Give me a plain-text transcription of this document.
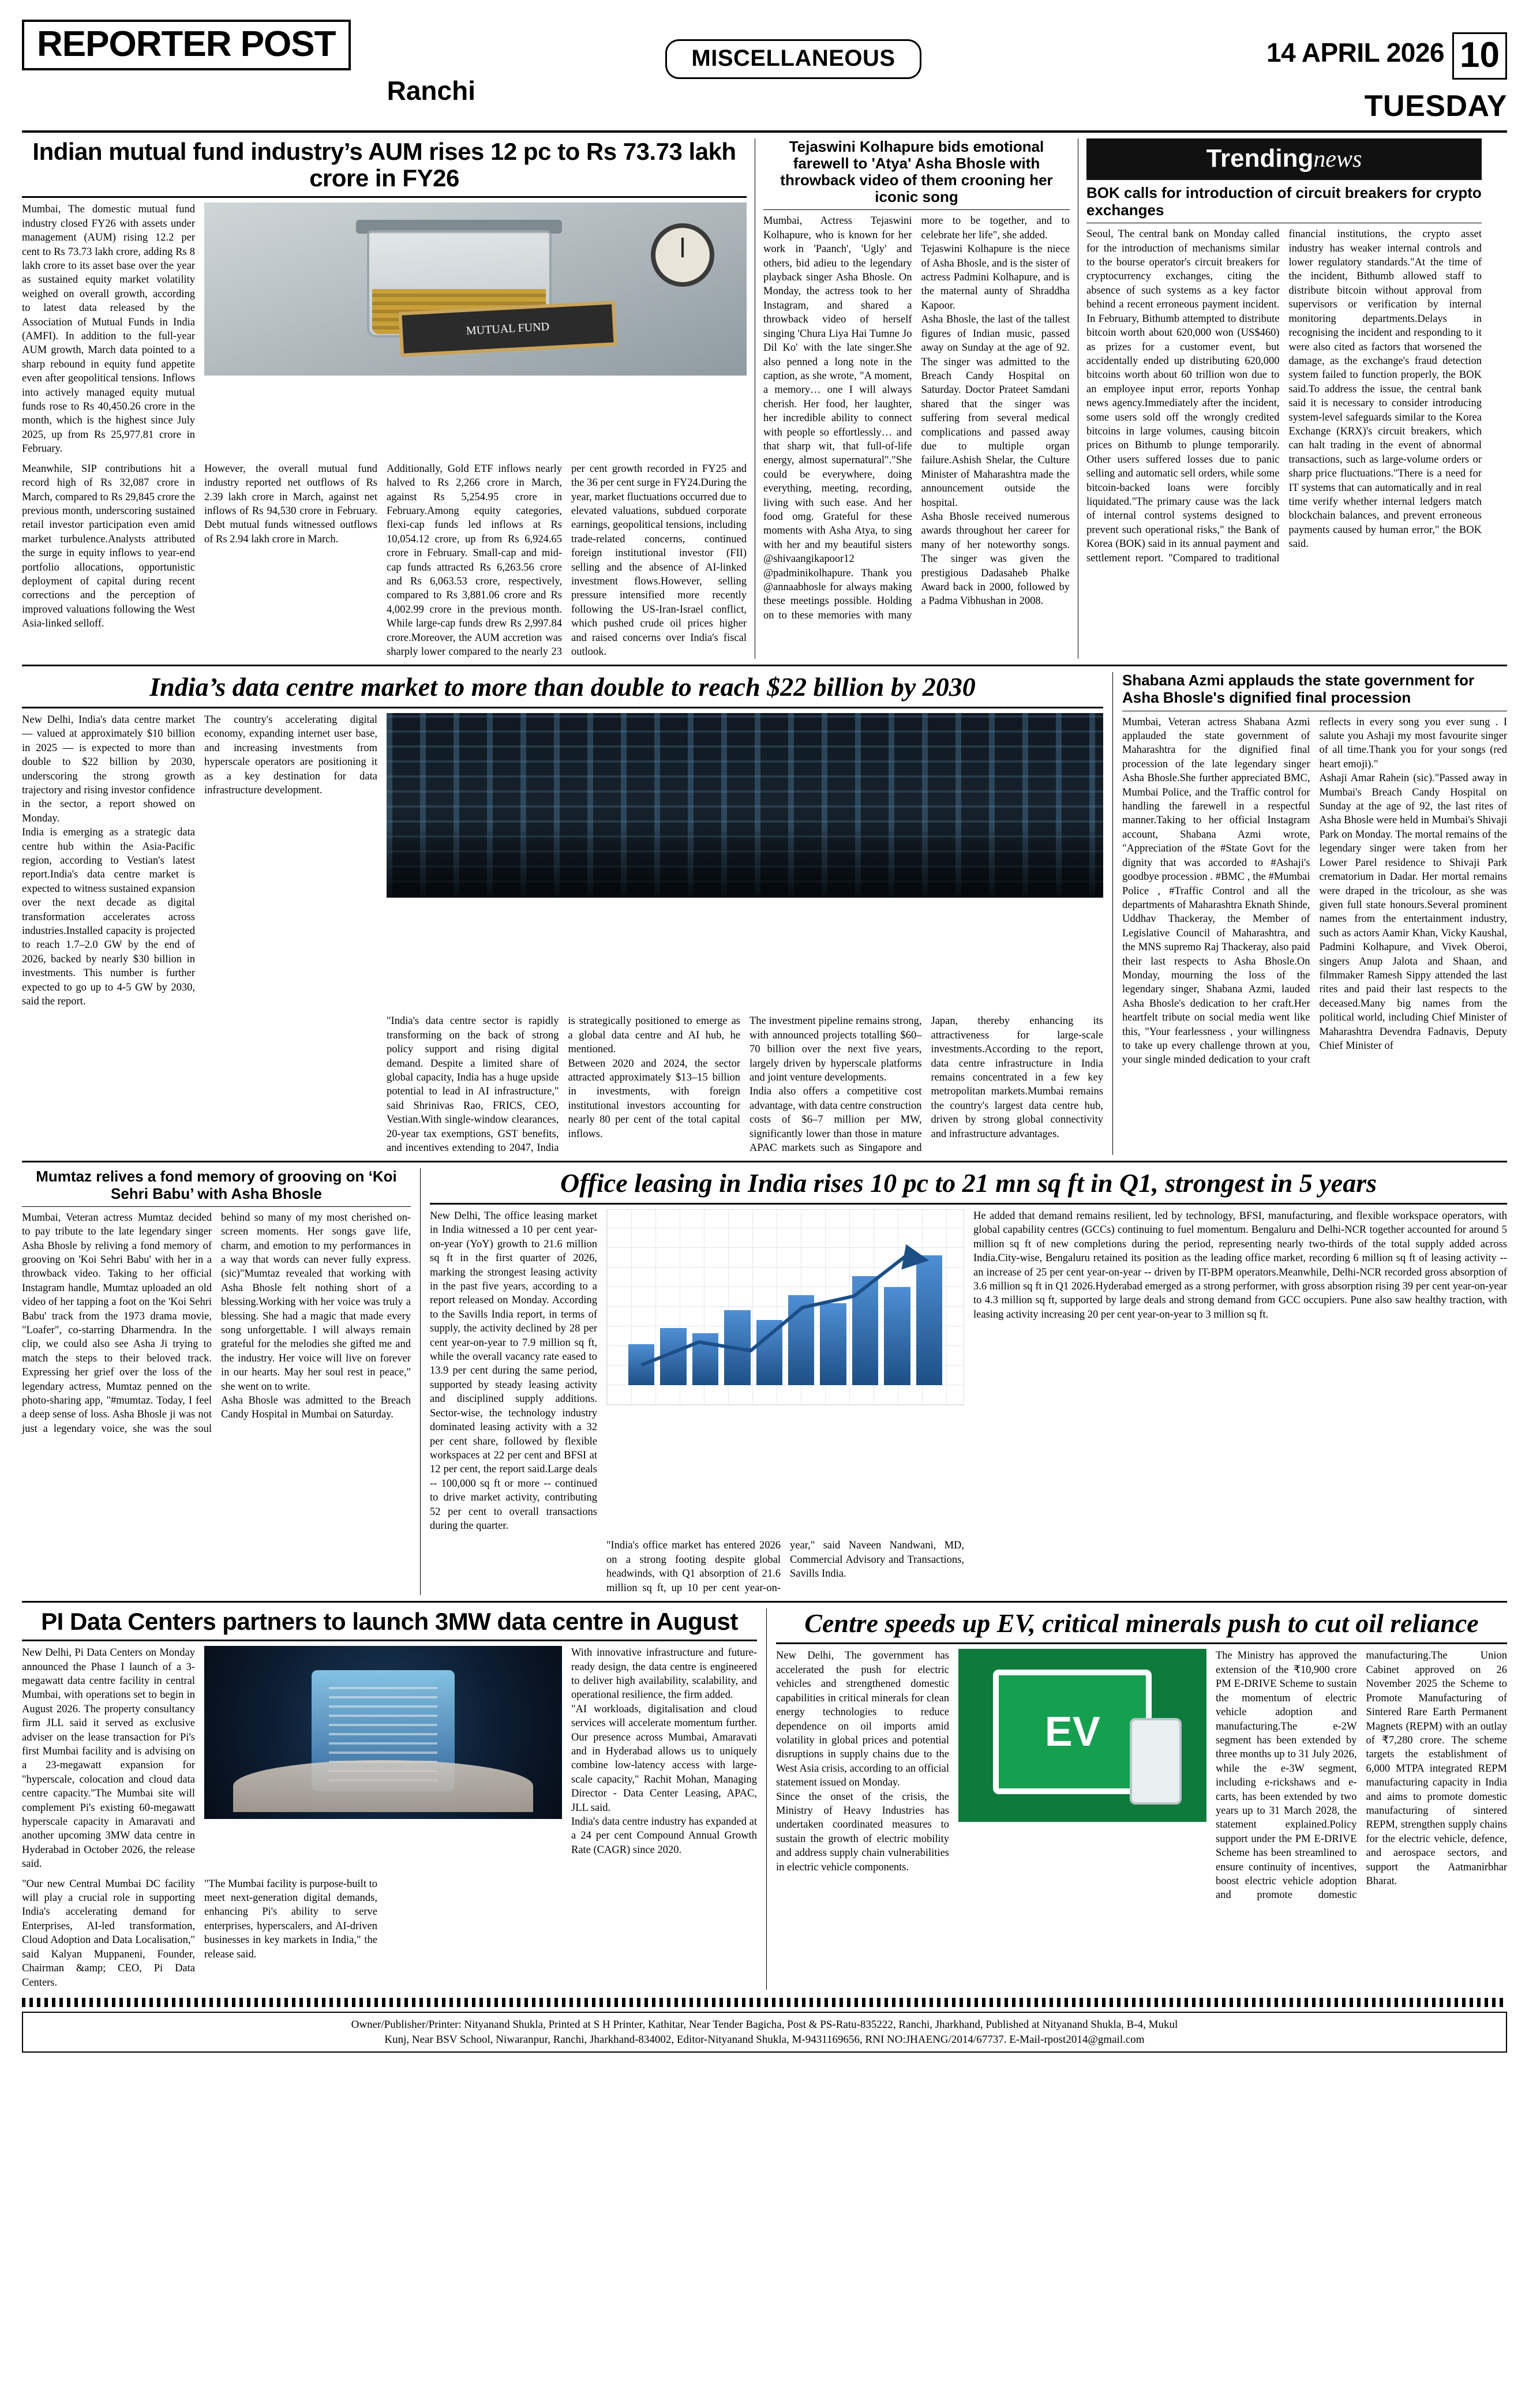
REPORTER POST
Ranchi
MISCELLANEOUS	14 APRIL 2026 10
TUESDAY
Indian mutual fund industry’s AUM rises 12 pc to Rs 73.73 lakh crore in FY26
Mumbai, The domestic mutual fund industry closed FY26 with assets under management (AUM) rising 12.2 per cent to Rs 73.73 lakh crore, adding Rs 8 lakh crore to its asset base over the year as sustained equity market volatility weighed on overall growth, according to latest data released by the Association of Mutual Funds in India (AMFI). In addition to the full-year AUM growth, March data pointed to a sharp rebound in equity fund appetite even after geopolitical tensions. Inflows into actively managed equity mutual funds rose to Rs 40,450.26 crore in the month, which is the highest since July 2025, up from Rs 25,977.81 crore in February.
MUTUAL FUND
Meanwhile, SIP contributions hit a record high of Rs 32,087 crore in March, compared to Rs 29,845 crore the previous month, underscoring sustained retail investor participation even amid market turbulence.Analysts attributed the surge in equity inflows to year-end portfolio allocations, opportunistic deployment of capital during recent corrections and the perception of improved valuations following the West Asia-linked selloff.
However, the overall mutual fund industry reported net outflows of Rs 2.39 lakh crore in March, against net inflows of Rs 94,530 crore in February. Debt mutual funds witnessed outflows of Rs 2.94 lakh crore in March.
Additionally, Gold ETF inflows nearly halved to Rs 2,266 crore in March, against Rs 5,254.95 crore in February.Among equity categories, flexi-cap funds led inflows at Rs 10,054.12 crore, up from Rs 6,924.65 crore in February. Small-cap and mid-cap funds attracted Rs 6,263.56 crore and Rs 6,063.53 crore, respectively, compared to Rs 3,881.06 crore and Rs 4,002.99 crore in the previous month. While large-cap funds drew Rs 2,997.84 crore.Moreover, the AUM accretion was sharply lower compared to the nearly 23 per cent growth recorded in FY25 and the 36 per cent surge in FY24.During the year, market fluctuations occurred due to elevated valuations, subdued corporate earnings, geopolitical tensions, including trade-related concerns, continued foreign institutional investor (FII) selling and the absence of AI-linked investment flows.However, selling pressure intensified more recently following the US-Iran-Israel conflict, which pushed crude oil prices higher and raised concerns over India's fiscal outlook.
Tejaswini Kolhapure bids emotional farewell to 'Atya' Asha Bhosle with throwback video of them crooning her iconic song

Mumbai, Actress Tejaswini Kolhapure, who is known for her work in 'Paanch', 'Ugly' and others, bid adieu to the legendary playback singer Asha Bhosle. On Monday, the actress took to her Instagram, and shared a throwback video of herself singing 'Chura Liya Hai Tumne Jo Dil Ko' with the late singer.She also penned a long note in the caption, as she wrote, "A moment, a memory… one I will always cherish. Her food, her laughter, her incredible ability to connect with people so effortlessly… and that sharp wit, that full-of-life energy, almost supernatural"."She could be everywhere, doing everything, meeting, recording, living with such ease. And her food omg. Grateful for these moments with Asha Atya, to sing with her and my beautiful sisters @shivaangikapoor12 @padminikolhapure. Thank you @annaabhosle for always making these meetings possible. Holding on to these memories with many more to be together, and to celebrate her life", she added.

Tejaswini Kolhapure is the niece of Asha Bhosle, and is the sister of actress Padmini Kolhapure, and is the maternal aunty of Shraddha Kapoor.

Asha Bhosle, the last of the tallest figures of Indian music, passed away on Sunday at the age of 92. The singer was admitted to the Breach Candy Hospital on Saturday. Doctor Prateet Samdani shared that the singer was suffering from several medical complications and passed away due to multiple organ failure.Ashish Shelar, the Culture Minister of Maharashtra made the announcement outside the hospital.

Asha Bhosle received numerous awards throughout her career for many of her noteworthy songs. The singer was given the prestigious Dadasaheb Phalke Award back in 2000, followed by a Padma Vibhushan in 2008.

Trendingnews
BOK calls for introduction of circuit breakers for crypto exchanges
Seoul, The central bank on Monday called for the introduction of mechanisms similar to the bourse operator's circuit breakers for cryptocurrency exchanges, citing the absence of such systems as a key factor behind a recent erroneous payment incident. In February, Bithumb attempted to distribute bitcoin worth about 620,000 won (US$460) as prizes for a customer event, but accidentally ended up distributing 620,000 bitcoins worth about 60 trillion won due to an employee input error, reports Yonhap news agency.Immediately after the incident, some users sold off the wrongly credited bitcoins in large volumes, causing bitcoin prices on Bithumb to plunge temporarily. Other users suffered losses due to panic selling and automatic sell orders, while some bitcoin-backed loans were forcibly liquidated."The primary cause was the lack of internal control systems designed to prevent such operational risks," the Bank of Korea (BOK) said in its annual payment and settlement report. "Compared to traditional financial institutions, the crypto asset industry has weaker internal controls and lower regulatory standards."At the time of the incident, Bithumb allowed staff to distribute bitcoin without approval from supervisors or verification by internal monitoring departments.Delays in recognising the incident and responding to it were also cited as factors that worsened the damage, as the exchange's fraud detection system failed to function properly, the BOK said.To address the issue, the central bank said it is necessary to consider introducing system-level safeguards similar to the Korea Exchange (KRX)'s circuit breakers, which can halt trading in the event of abnormal transactions, such as large-volume orders or sharp price fluctuations."There is a need for IT systems that can automatically and in real time verify whether internal ledgers match blockchain balances, and prevent erroneous payments caused by human error," the BOK said.
India’s data centre market to more than double to reach $22 billion by 2030

New Delhi, India's data centre market — valued at approximately $10 billion in 2025 — is expected to more than double to $22 billion by 2030, underscoring the strong growth trajectory and rising investor confidence in the sector, a report showed on Monday.

India is emerging as a strategic data centre hub within the Asia-Pacific region, according to Vestian's latest report.India's data centre market is expected to witness sustained expansion over the next decade as digital transformation accelerates across industries.Installed capacity is projected to reach 1.7–2.0 GW by the end of 2026, backed by nearly $30 billion in investments. This number is further expected to go up to 4-5 GW by 2030, said the report.

The country's accelerating digital economy, expanding internet user base, and increasing investments from hyperscale operators are positioning it as a key destination for data infrastructure development.

"India's data centre sector is rapidly transforming on the back of strong policy support and rising digital demand. Despite a limited share of global capacity, India has a huge upside potential to lead in AI infrastructure," said Shrinivas Rao, FRICS, CEO, Vestian.With single-window clearances, 20-year tax exemptions, GST benefits, and incentives extending to 2047, India is strategically positioned to emerge as a global data centre and AI hub, he mentioned.

Between 2020 and 2024, the sector attracted approximately $13–15 billion in investments, with foreign institutional investors accounting for nearly 80 per cent of the total capital inflows.

The investment pipeline remains strong, with announced projects totalling $60–70 billion over the next five years, largely driven by hyperscale platforms and joint venture developments.

India also offers a competitive cost advantage, with data centre construction costs of $6–7 million per MW, significantly lower than those in mature APAC markets such as Singapore and Japan, thereby enhancing its attractiveness for large-scale investments.According to the report, data centre infrastructure in India remains concentrated in a few key metropolitan markets.Mumbai remains the country's largest data centre hub, driven by strong global connectivity and infrastructure advantages.

Shabana Azmi applauds the state government for Asha Bhosle's dignified final procession

Mumbai, Veteran actress Shabana Azmi applauded the state government of Maharashtra for the dignified final procession of the late legendary singer Asha Bhosle.She further appreciated BMC, Mumbai Police, and the Traffic control for handling the farewell in a respectful manner.Taking to her official Instagram account, Shabana Azmi wrote, "Appreciation of the #State Govt for the dignity that was accorded to #Ashaji's goodbye procession . #BMC , the #Mumbai Police , #Traffic Control and all the departments of Maharashtra Eknath Shinde, Uddhav Thackeray, the Member of Legislative Council of Maharashtra, and the MNS supremo Raj Thackeray, also paid their last respects to Asha Bhosle.On Monday, mourning the loss of the legendary singer, Shabana Azmi, lauded Asha Bhosle's dedication to her craft.Her heartfelt tribute on social media went like this, "Your fearlessness , your willingness to take up every challenge thrown at you, your single minded dedication to your craft reflects in every song you ever sung . I salute you Ashaji my most favourite singer of all time.Thank you for your songs (red heart emoji)."

Ashaji Amar Rahein (sic)."Passed away in Mumbai's Breach Candy Hospital on Sunday at the age of 92, the last rites of Asha Bhosle were held in Mumbai's Shivaji Park on Monday. The mortal remains of the legendary singer were taken from her Lower Parel residence to Shivaji Park crematorium in Dadar. Her mortal remains were draped in the tricolour, as she was given full state honours.Several prominent names from the entertainment industry, such as actors Aamir Khan, Vicky Kaushal, Padmini Kolhapure, and Vivek Oberoi, singers Anup Jalota and Shaan, and filmmaker Ramesh Sippy attended the last rites and paid their last respects to the deceased.Many big names from the political world, including Chief Minister of Maharashtra Devendra Fadnavis, Deputy Chief Minister of

Mumtaz relives a fond memory of grooving on ‘Koi Sehri Babu’ with Asha Bhosle

Mumbai, Veteran actress Mumtaz decided to pay tribute to the late legendary singer Asha Bhosle by reliving a fond memory of grooving on 'Koi Sehri Babu' with her in a throwback video. Taking to her official Instagram handle, Mumtaz uploaded an old video of her tapping a foot on the 'Koi Sehri Babu' track from the 1973 drama movie, "Loafer", co-starring Dharmendra. In the clip, we could also see Asha Ji trying to match the steps to their beloved track. Expressing her grief over the loss of the legendary actress, Mumtaz penned on the photo-sharing app, "#mumtaz. Today, I feel a deep sense of loss. Asha Bhosle ji was not just a legendary voice, she was the soul behind so many of my most cherished on-screen moments. Her songs gave life, charm, and emotion to my performances in a way that words can never fully express. (sic)"Mumtaz revealed that working with Asha Bhosle felt nothing short of a blessing.Working with her voice was truly a blessing. She had a magic that made every song unforgettable. I will always remain grateful for the melodies she gifted me and the industry. Her voice will live on forever in our hearts. May her soul rest in peace," she went on to write.

Asha Bhosle was admitted to the Breach Candy Hospital in Mumbai on Saturday.

Office leasing in India rises 10 pc to 21 mn sq ft in Q1, strongest in 5 years
New Delhi, The office leasing market in India witnessed a 10 per cent year-on-year (YoY) growth to 21.6 million sq ft in the first quarter of 2026, marking the strongest leasing activity in the past five years, according to a report released on Monday. According to the Savills India report, in terms of supply, the activity declined by 28 per cent year-on-year to 7.9 million sq ft, while the overall vacancy rate eased to 13.9 per cent during the same period, supported by steady leasing activity and disciplined supply additions. Sector-wise, the technology industry dominated leasing activity with a 32 per cent share, followed by flexible workspaces at 22 per cent and BFSI at 12 per cent, the report said.Large deals -- 100,000 sq ft or more -- continued to drive market activity, contributing 52 per cent to overall transactions during the quarter.

He added that demand remains resilient, led by technology, BFSI, manufacturing, and flexible workspace operators, with global capability centres (GCCs) continuing to fuel momentum. Bengaluru and Delhi-NCR together accounted for around 5 million sq ft of new completions during the period, representing nearly two-thirds of the total supply added across India.City-wise, Bengaluru retained its position as the leading office market, recording 6 million sq ft of leasing activity -- an increase of 25 per cent year-on-year -- driven by IT-BPM operators.Meanwhile, Delhi-NCR recorded gross absorption of 3.6 million sq ft in Q1 2026.Hyderabad emerged as a strong performer, with gross absorption rising 39 per cent year-on-year to 4.3 million sq ft, supported by large deals and strong demand from GCC occupiers. Pune also saw healthy traction, with leasing activity increasing 20 per cent year-on-year to 3 million sq ft.

"India's office market has entered 2026 on a strong footing despite global headwinds, with Q1 absorption of 21.6 million sq ft, up 10 per cent year-on-year," said Naveen Nandwani, MD, Commercial Advisory and Transactions, Savills India.
PI Data Centers partners to launch 3MW data centre in August
New Delhi, Pi Data Centers on Monday announced the Phase I launch of a 3-megawatt data centre facility in central Mumbai, with operations set to begin in August 2026. The property consultancy firm JLL said it served as exclusive adviser on the lease transaction for Pi's first Mumbai facility and is advising on a 23-megawatt expansion for "hyperscale, colocation and cloud data centre capacity."The Mumbai site will complement Pi's existing 60-megawatt hyperscale capacity in Amaravati and another upcoming 3MW data centre in Hyderabad in October 2026, the release said.

With innovative infrastructure and future-ready design, the data centre is engineered to deliver high availability, scalability, and operational resilience, the firm added.

"AI workloads, digitalisation and cloud services will accelerate momentum further. Our presence across Mumbai, Amaravati and in Hyderabad allows us to uniquely combine low-latency access with large-scale capacity," Rachit Mohan, Managing Director - Data Center Leasing, APAC, JLL said.

India's data centre industry has expanded at a 24 per cent Compound Annual Growth Rate (CAGR) since 2020.

"Our new Central Mumbai DC facility will play a crucial role in supporting India's accelerating demand for Enterprises, AI-led transformation, Cloud Adoption and Data Localisation," said Kalyan Muppaneni, Founder, Chairman &amp; CEO, Pi Data Centers.
"The Mumbai facility is purpose-built to meet next-generation digital demands, enhancing Pi's ability to serve enterprises, hyperscalers, and AI-driven businesses in key markets in India," the release said.
Centre speeds up EV, critical minerals push to cut oil reliance

New Delhi, The government has accelerated the push for electric vehicles and strengthened domestic capabilities in critical minerals for clean energy technologies to reduce dependence on oil imports amid volatility in global prices and potential disruptions in supply chains due to the West Asia crisis, according to an official statement issued on Monday.

Since the onset of the crisis, the Ministry of Heavy Industries has undertaken coordinated measures to sustain the growth of electric mobility and address supply chain vulnerabilities in electric vehicle components.

EV
The Ministry has approved the extension of the ₹10,900 crore PM E-DRIVE Scheme to sustain the momentum of electric vehicle adoption and manufacturing.The e-2W segment has been extended by three months up to 31 July 2026, while the e-3W segment, including e-rickshaws and e-carts, has been extended by two years up to 31 March 2028, the statement explained.Policy support under the PM E-DRIVE Scheme has been streamlined to ensure continuity of incentives, boost electric vehicle adoption and promote domestic manufacturing.The Union Cabinet approved on 26 November 2025 the Scheme to Promote Manufacturing of Sintered Rare Earth Permanent Magnets (REPM) with an outlay of ₹7,280 crore. The scheme targets the establishment of 6,000 MTPA integrated REPM manufacturing capacity in India and aims to promote domestic manufacturing of sintered REPM, strengthen supply chains for the electric vehicle, defence, and aerospace sectors, and support the Aatmanirbhar Bharat.
Owner/Publisher/Printer: Nityanand Shukla, Printed at S H Printer, Kathitar, Near Tender Bagicha, Post & PS-Ratu-835222, Ranchi, Jharkhand, Published at Nityanand Shukla, B-4, Mukul
Kunj, Near BSV School, Niwaranpur, Ranchi, Jharkhand-834002, Editor-Nityanand Shukla, M-9431169656, RNI NO:JHAENG/2014/67737. E-Mail-rpost2014@gmail.com
